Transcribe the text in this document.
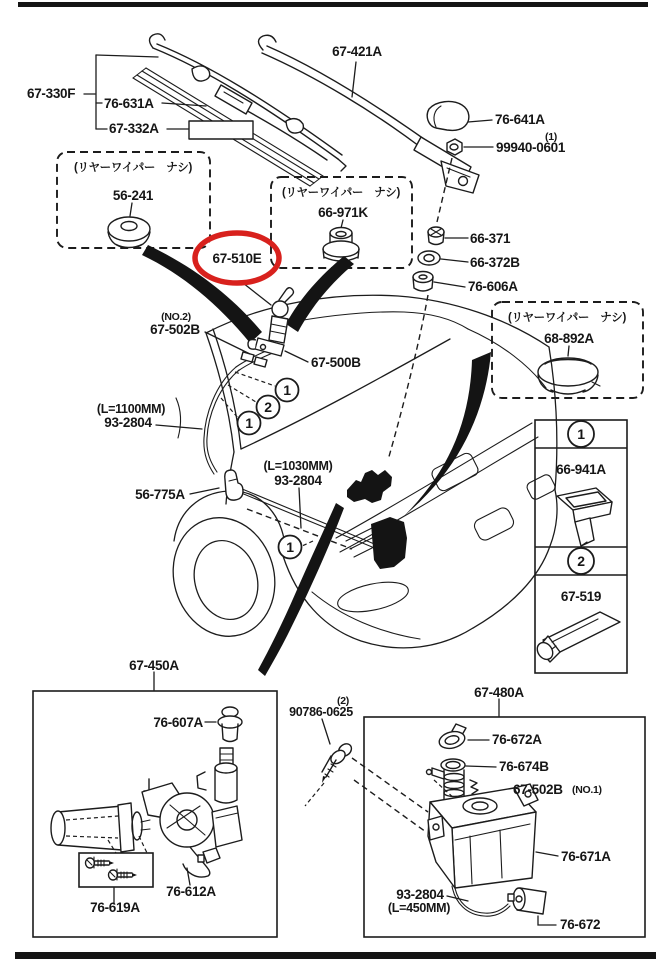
67-330F
76-631A
67-332A
67-421A
76-641A
(1)
99940-0601
66-371
66-372B
76-606A
(リヤーワイパー　ナシ)
56-241	(リヤーワイパー　ナシ)
66-971K
(リヤーワイパー　ナシ)
68-892A
67-510E
(NO.2)
67-502B
67-500B
(L=1100MM)
93-2804
56-775A
(L=1030MM)
93-2804
1
2
1
1
1
66-941A
2
67-519
67-450A
76-607A
76-612A
76-619A
(2)
90786-0625
67-480A
76-672A
76-674B
67-502B (NO.1)
76-671A
93-2804
(L=450MM)
76-672
